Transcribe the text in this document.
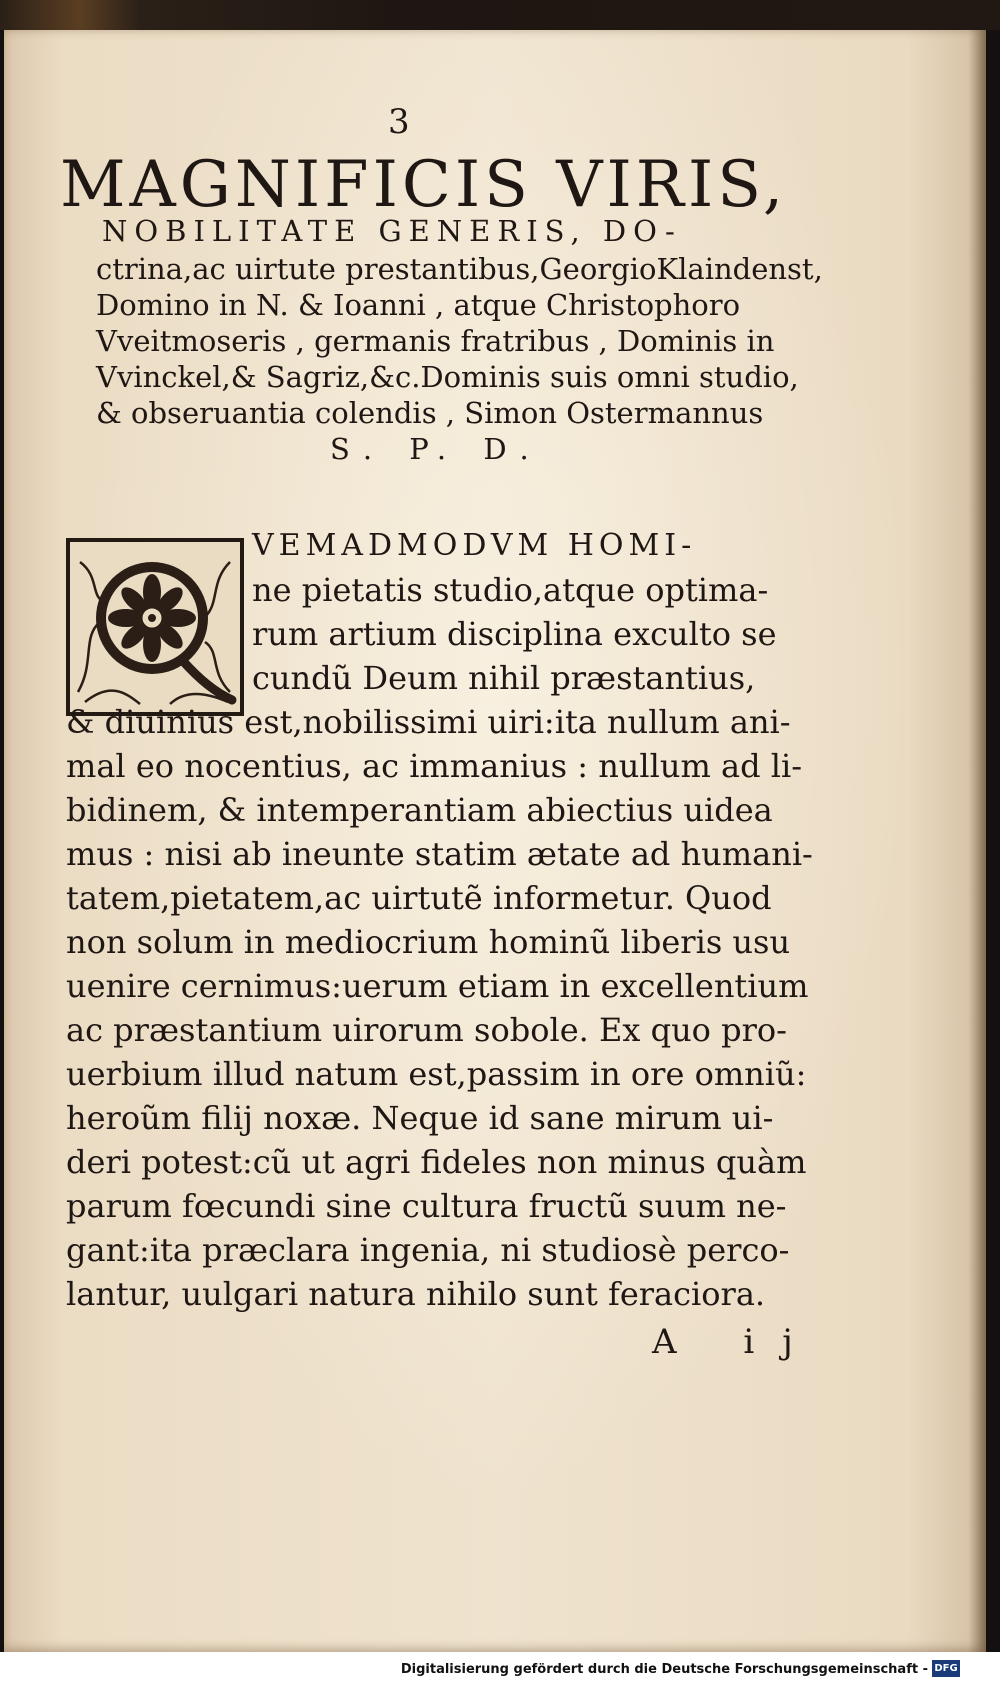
3
MAGNIFICIS VIRIS,
NOBILITATE GENERIS, DO-
ctrina,ac uirtute prestantibus,GeorgioKlaindenst,
Domino in N. & Ioanni , atque Christophoro
Vveitmoseris , germanis fratribus , Dominis in
Vvinckel,& Sagriz,&c.Dominis suis omni studio,
& obseruantia colendis , Simon Ostermannus
S. P. D.
VEMADMODVM HOMI-
ne pietatis studio,atque optima-
rum artium disciplina exculto se
cundũ Deum nihil præstantius,
& diuinius est,nobilissimi uiri:ita nullum ani-
mal eo nocentius, ac immanius : nullum ad li-
bidinem, & intemperantiam abiectius uidea
mus : nisi ab ineunte statim ætate ad humani-
tatem,pietatem,ac uirtutẽ informetur. Quod
non solum in mediocrium hominũ liberis usu
uenire cernimus:uerum etiam in excellentium
ac præstantium uirorum sobole. Ex quo pro-
uerbium illud natum est,passim in ore omniũ:
heroũm filij noxæ. Neque id sane mirum ui-
deri potest:cũ ut agri fideles non minus quàm
parum fœcundi sine cultura fructũ suum ne-
gant:ita præclara ingenia, ni studiosè perco-
lantur, uulgari natura nihilo sunt feraciora.
A ij
Digitalisierung gefördert durch die Deutsche Forschungsgemeinschaft - DFG
